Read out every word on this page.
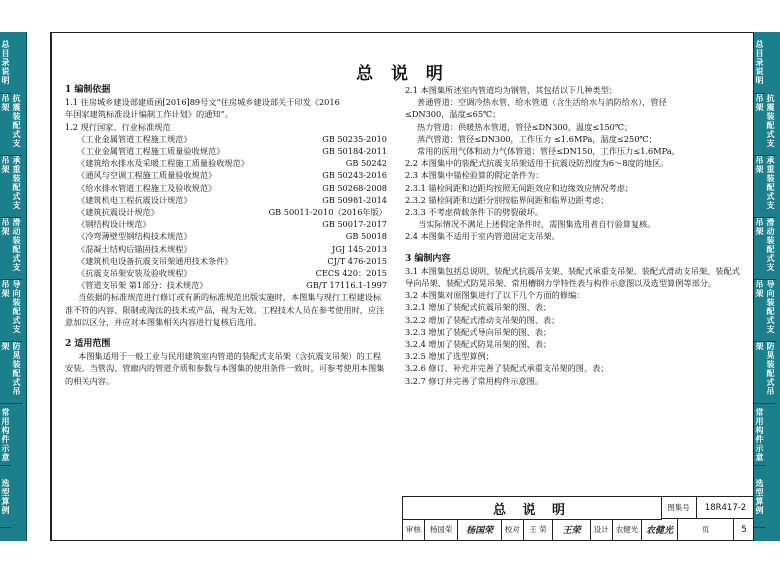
总目录说明
抗震装配式支吊架
承重装配式支吊架
滑动装配式支吊架
导向装配式支吊架
防晃装配式吊架
常用构件示意
选型算例
总目录说明
抗震装配式支吊架
承重装配式支吊架
滑动装配式支吊架
导向装配式支吊架
防晃装配式吊架
常用构件示意
选型算例
总 说 明

1 编制依据

1.1 住房城乡建设部建质函[2016]89号文“住房城乡建设部关于印发《2016

年国家建筑标准设计编制工作计划》的通知”。

1.2 现行国家、行业标准规范

《工业金属管道工程施工规范》	GB 50235-2010
《工业金属管道工程施工质量验收规范》	GB 50184-2011
《建筑给水排水及采暖工程施工质量验收规范》	GB 50242
《通风与空调工程施工质量验收规范》	GB 50243-2016
《给水排水管道工程施工及验收规范》	GB 50268-2008
《建筑机电工程抗震设计规范》	GB 50981-2014
《建筑抗震设计规范》	GB 50011-2010（2016年版）
《钢结构设计规范》	GB 50017-2017
《冷弯薄壁型钢结构技术规范》	GB 50018
《混凝土结构后锚固技术规程》	JGJ 145-2013
《建筑机电设备抗震支吊架通用技术条件》	CJ/T 476-2015
《抗震支吊架安装及验收规程》	CECS 420：2015
《管道支吊架 第1部分：技术规范》	GB/T 17116.1-1997

当依据的标准规范进行修订或有新的标准规范出版实施时，本图集与现行工程建设标准不符的内容、限制或淘汰的技术或产品，视为无效。工程技术人员在参考使用时，应注意加以区分，并应对本图集相关内容进行复核后选用。

2 适用范围

本图集适用于一般工业与民用建筑室内管道的装配式支吊架（含抗震支吊架）的工程安装。当管沟、管廊内的管道介质和参数与本图集的使用条件一致时，可参考使用本图集的相关内容。

2.1 本图集所述室内管道均为钢管，其包括以下几种类型：

普通管道：空调冷热水管、给水管道（含生活给水与消防给水），管径

≤DN300，温度≤65℃；

热力管道：供暖热水管道，管径≤DN300，温度≤150℃；

蒸汽管道：管径≤DN300，工作压力 ≤1.6MPa，温度≤250℃；

常用的医用气体和动力气体管道：管径≤DN150，工作压力≤1.6MPa。

2.2 本图集中的装配式抗震支吊架适用于抗震设防烈度为6～8度的地区。

2.3 本图集中锚栓验算的假定条件为：

2.3.1 锚栓间距和边距均按照无间距效应和边缘效应情况考虑；

2.3.2 锚栓间距和边距分别按临界间距和临界边距考虑；

2.3.3 不考虑荷载条件下的劈裂破坏。

当实际情况不满足上述假定条件时，需图集选用者自行验算复核。

2.4 本图集不适用于室内管道固定支吊架。

3 编制内容

3.1 本图集包括总说明、装配式抗震吊支架、装配式承重支吊架、装配式滑动支吊架、装配式导向吊架、装配式防晃吊架、常用槽钢力学特性表与构件示意图以及选型算例等部分。

3.2 本图集对原图集进行了以下几个方面的修编：

3.2.1 增加了装配式抗震吊架的图、表；

3.2.2 增加了装配式滑动支吊架的图、表；

3.2.3 增加了装配式导向吊架的图、表；

3.2.4 增加了装配式防晃吊架的图、表；

3.2.5 增加了选型算例；

3.2.6 修订、补充并完善了装配式承重支吊架的图、表；

3.2.7 修订并完善了常用构件示意图。

总 说 明	图集号	18R417-2
审核	杨国荣	杨国荣	校对	王 荣	王荣	设计 农健光 农健光	页	5
